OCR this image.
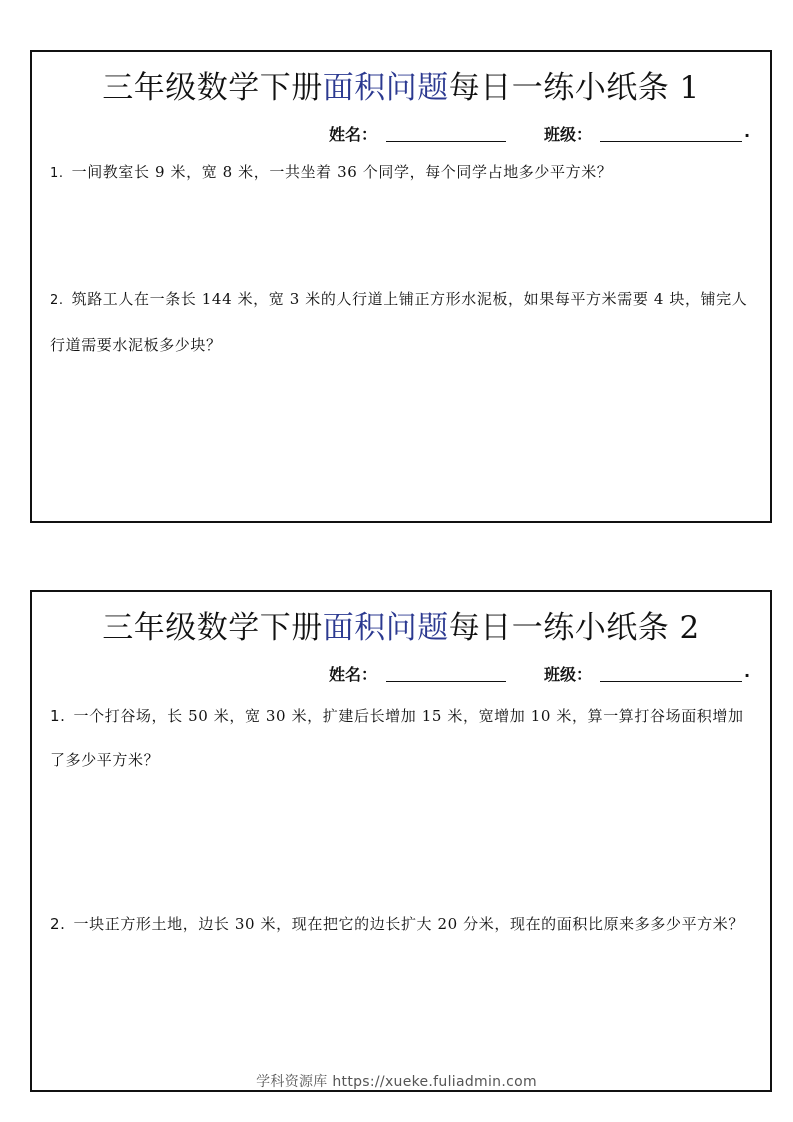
三年级数学下册面积问题每日一练小纸条 1
姓名：	班级：	.
1. 一间教室长 9 米，宽 8 米，一共坐着 36 个同学，每个同学占地多少平方米？
2. 筑路工人在一条长 144 米，宽 3 米的人行道上铺正方形水泥板，如果每平方米需要 4 块，铺完人行道需要水泥板多少块？
三年级数学下册面积问题每日一练小纸条 2
姓名：	班级：	.
1. 一个打谷场，长 50 米，宽 30 米，扩建后长增加 15 米，宽增加 10 米，算一算打谷场面积增加了多少平方米？
2. 一块正方形土地，边长 30 米，现在把它的边长扩大 20 分米，现在的面积比原来多多少平方米？
学科资源库 https://xueke.fuliadmin.com
